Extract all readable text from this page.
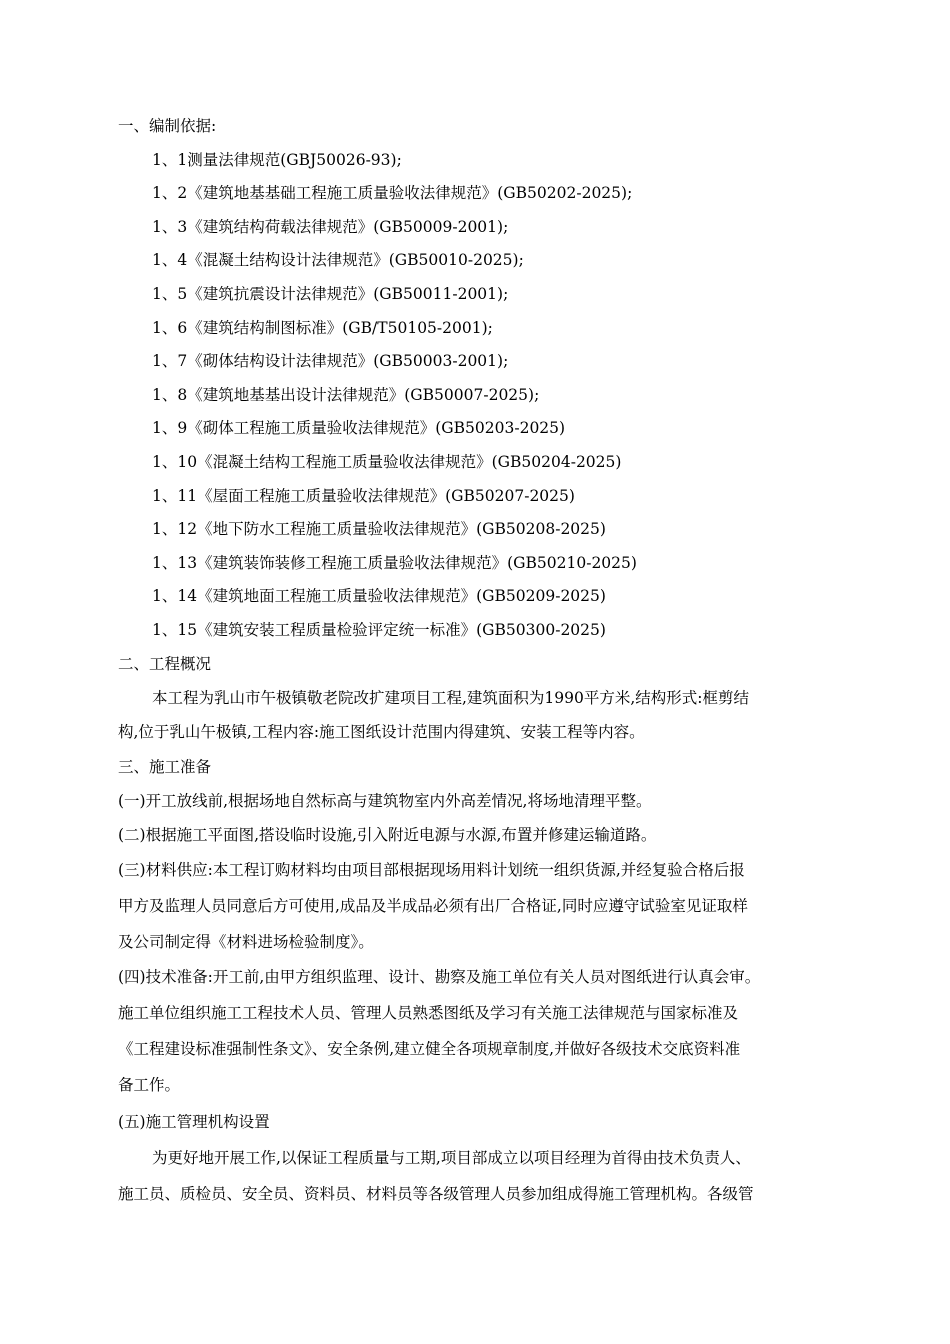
一、编制依据:
1、1测量法律规范(GBJ50026-93);
1、2《建筑地基基础工程施工质量验收法律规范》(GB50202-2025);
1、3《建筑结构荷载法律规范》(GB50009-2001);
1、4《混凝土结构设计法律规范》(GB50010-2025);
1、5《建筑抗震设计法律规范》(GB50011-2001);
1、6《建筑结构制图标准》(GB/T50105-2001);
1、7《砌体结构设计法律规范》(GB50003-2001);
1、8《建筑地基基出设计法律规范》(GB50007-2025);
1、9《砌体工程施工质量验收法律规范》(GB50203-2025)
1、10《混凝土结构工程施工质量验收法律规范》(GB50204-2025)
1、11《屋面工程施工质量验收法律规范》(GB50207-2025)
1、12《地下防水工程施工质量验收法律规范》(GB50208-2025)
1、13《建筑装饰装修工程施工质量验收法律规范》(GB50210-2025)
1、14《建筑地面工程施工质量验收法律规范》(GB50209-2025)
1、15《建筑安装工程质量检验评定统一标准》(GB50300-2025)
二、工程概况
本工程为乳山市午极镇敬老院改扩建项目工程,建筑面积为1990平方米,结构形式:框剪结
构,位于乳山午极镇,工程内容:施工图纸设计范围内得建筑、安装工程等内容。
三、施工准备
(一)开工放线前,根据场地自然标高与建筑物室内外高差情况,将场地清理平整。
(二)根据施工平面图,搭设临时设施,引入附近电源与水源,布置并修建运输道路。
(三)材料供应:本工程订购材料均由项目部根据现场用料计划统一组织货源,并经复验合格后报
甲方及监理人员同意后方可使用,成品及半成品必须有出厂合格证,同时应遵守试验室见证取样
及公司制定得《材料进场检验制度》。
(四)技术准备:开工前,由甲方组织监理、设计、勘察及施工单位有关人员对图纸进行认真会审。
施工单位组织施工工程技术人员、管理人员熟悉图纸及学习有关施工法律规范与国家标准及
《工程建设标准强制性条文》、安全条例,建立健全各项规章制度,并做好各级技术交底资料准
备工作。
(五)施工管理机构设置
为更好地开展工作,以保证工程质量与工期,项目部成立以项目经理为首得由技术负责人、
施工员、质检员、安全员、资料员、材料员等各级管理人员参加组成得施工管理机构。各级管
